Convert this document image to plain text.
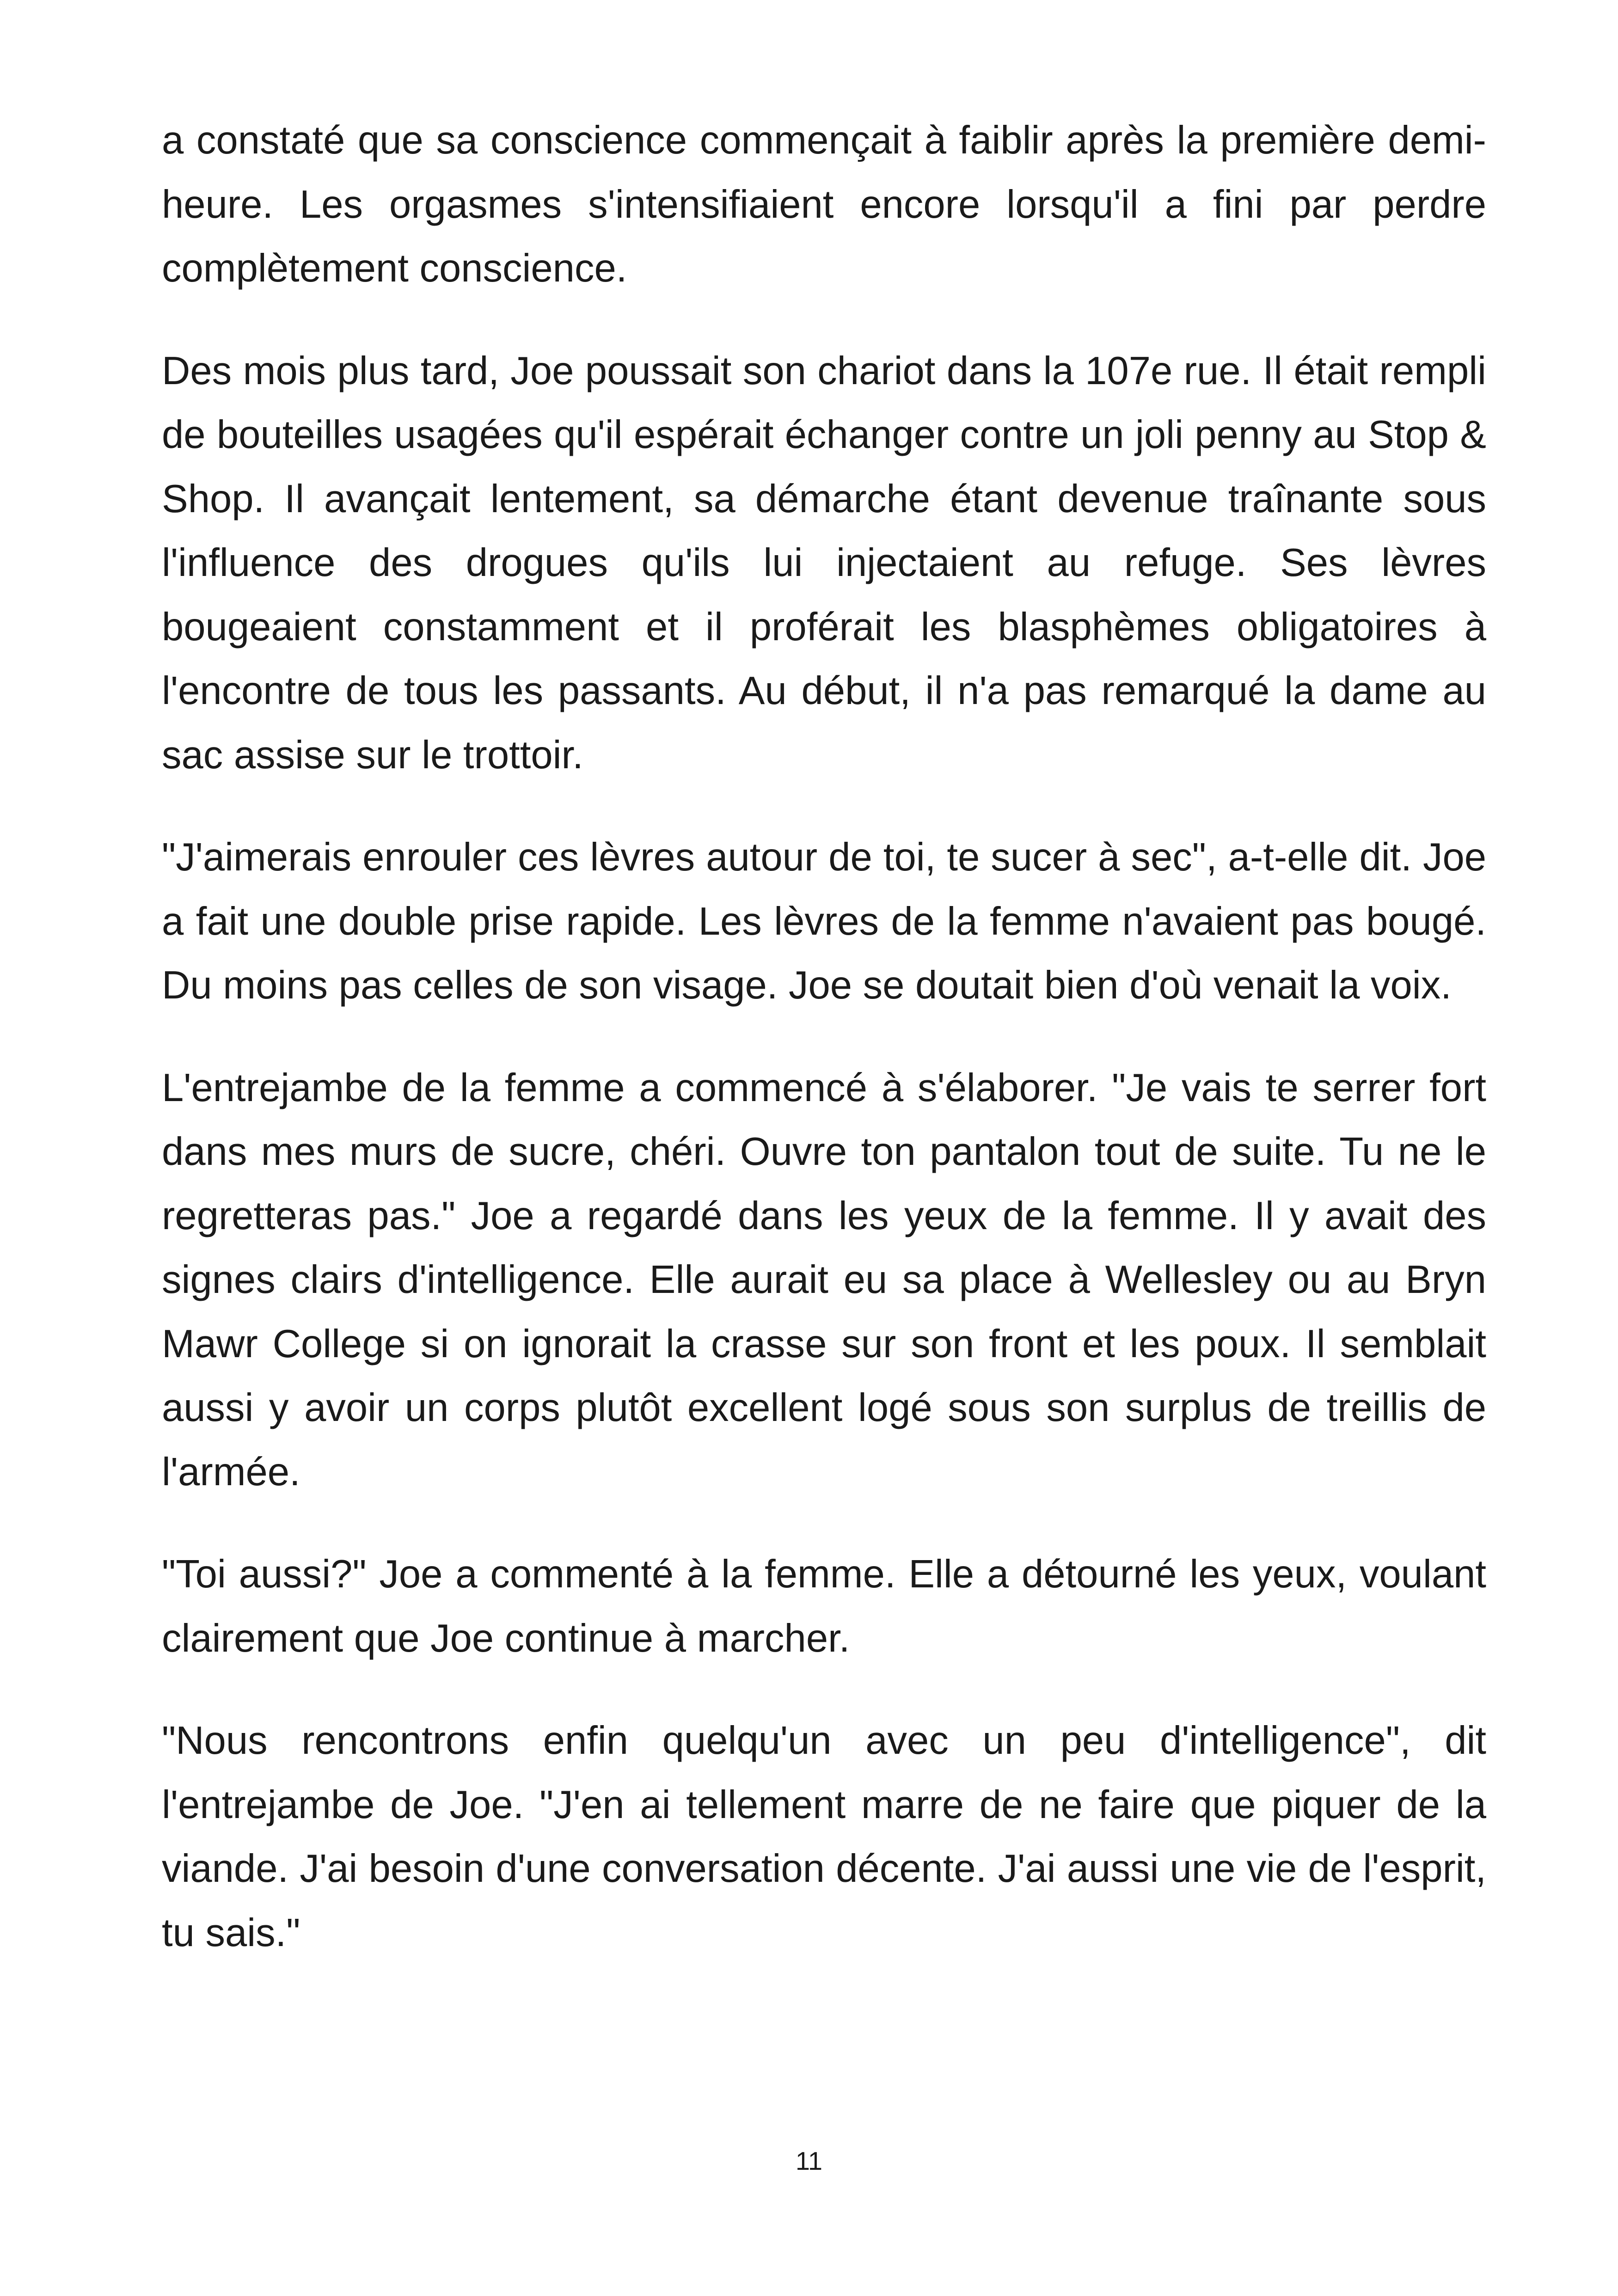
a constaté que sa conscience commençait à faiblir après la première demi-heure. Les orgasmes s'intensifiaient encore lorsqu'il a fini par perdre complètement conscience.

Des mois plus tard, Joe poussait son chariot dans la 107e rue. Il était rempli de bouteilles usagées qu'il espérait échanger contre un joli penny au Stop & Shop. Il avançait lentement, sa démarche étant devenue traînante sous l'influence des drogues qu'ils lui injectaient au refuge. Ses lèvres bougeaient constamment et il proférait les blasphèmes obligatoires à l'encontre de tous les passants. Au début, il n'a pas remarqué la dame au sac assise sur le trottoir.

"J'aimerais enrouler ces lèvres autour de toi, te sucer à sec", a-t-elle dit. Joe a fait une double prise rapide. Les lèvres de la femme n'avaient pas bougé. Du moins pas celles de son visage. Joe se doutait bien d'où venait la voix.

L'entrejambe de la femme a commencé à s'élaborer. "Je vais te serrer fort dans mes murs de sucre, chéri. Ouvre ton pantalon tout de suite. Tu ne le regretteras pas." Joe a regardé dans les yeux de la femme. Il y avait des signes clairs d'intelligence. Elle aurait eu sa place à Wellesley ou au Bryn Mawr College si on ignorait la crasse sur son front et les poux. Il semblait aussi y avoir un corps plutôt excellent logé sous son surplus de treillis de l'armée.

"Toi aussi?" Joe a commenté à la femme. Elle a détourné les yeux, voulant clairement que Joe continue à marcher.

"Nous rencontrons enfin quelqu'un avec un peu d'intelligence", dit l'entrejambe de Joe. "J'en ai tellement marre de ne faire que piquer de la viande. J'ai besoin d'une conversation décente. J'ai aussi une vie de l'esprit, tu sais."

11
